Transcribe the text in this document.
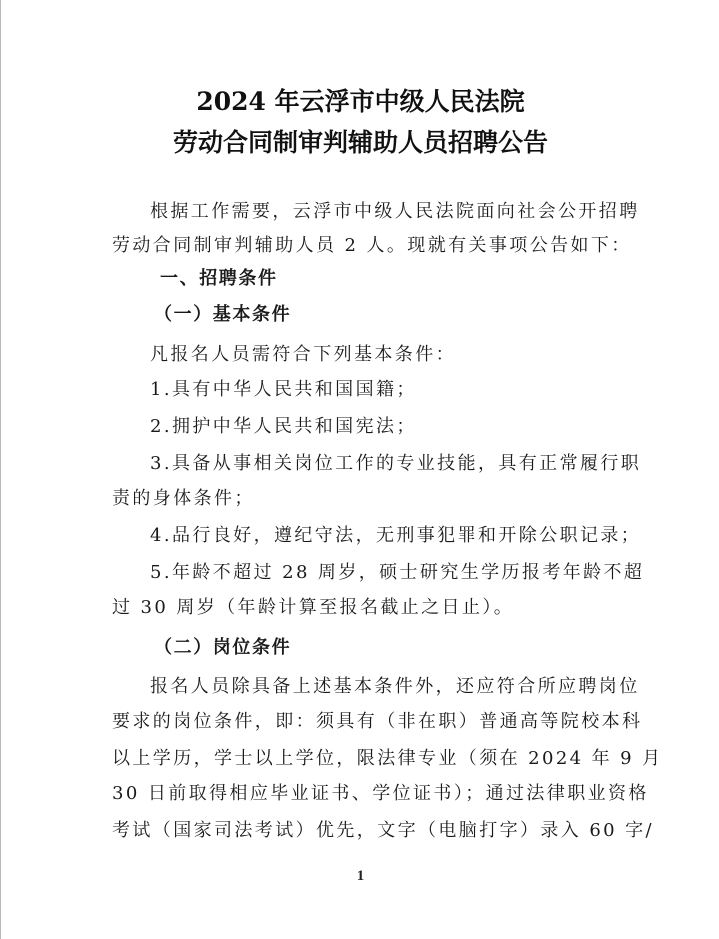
2024 年云浮市中级人民法院
劳动合同制审判辅助人员招聘公告
根据工作需要，云浮市中级人民法院面向社会公开招聘
劳动合同制审判辅助人员 2 人。现就有关事项公告如下：
一、招聘条件
（一）基本条件
凡报名人员需符合下列基本条件：
1.具有中华人民共和国国籍；
2.拥护中华人民共和国宪法；
3.具备从事相关岗位工作的专业技能，具有正常履行职
责的身体条件；
4.品行良好，遵纪守法，无刑事犯罪和开除公职记录；
5.年龄不超过 28 周岁，硕士研究生学历报考年龄不超
过 30 周岁（年龄计算至报名截止之日止）。
（二）岗位条件
报名人员除具备上述基本条件外，还应符合所应聘岗位
要求的岗位条件，即：须具有（非在职）普通高等院校本科
以上学历，学士以上学位，限法律专业（须在 2024 年 9 月
30 日前取得相应毕业证书、学位证书）；通过法律职业资格
考试（国家司法考试）优先，文字（电脑打字）录入 60 字/
1
